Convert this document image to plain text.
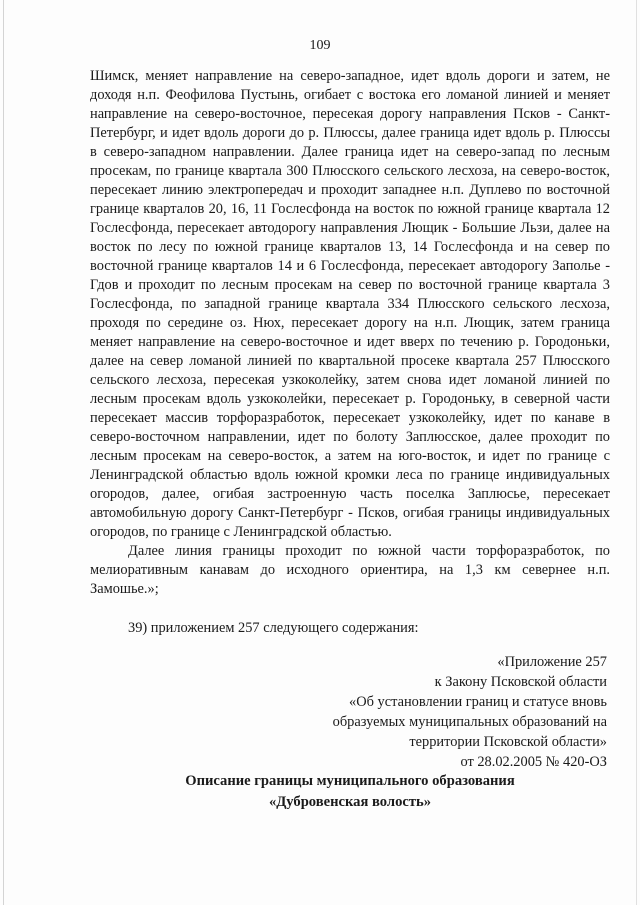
109

Шимск, меняет направление на северо-западное, идет вдоль дороги и затем, не доходя н.п. Феофилова Пустынь, огибает с востока его ломаной линией и меняет направление на северо-восточное, пересекая дорогу направления Псков - Санкт-Петербург, и идет вдоль дороги до р. Плюссы, далее граница идет вдоль р. Плюссы в северо-западном направлении. Далее граница идет на северо-запад по лесным просекам, по границе квартала 300 Плюсского сельского лесхоза, на северо-восток, пересекает линию электропередач и проходит западнее н.п. Дуплево по восточной границе кварталов 20, 16, 11 Гослесфонда на восток по южной границе квартала 12 Гослесфонда, пересекает автодорогу направления Лющик - Большие Льзи, далее на восток по лесу по южной границе кварталов 13, 14 Гослесфонда и на север по восточной границе кварталов 14 и 6 Гослесфонда, пересекает автодорогу Заполье - Гдов и проходит по лесным просекам на север по восточной границе квартала 3 Гослесфонда, по западной границе квартала 334 Плюсского сельского лесхоза, проходя по середине оз. Нюх, пересекает дорогу на н.п. Лющик, затем граница меняет направление на северо-восточное и идет вверх по течению р. Городоньки, далее на север ломаной линией по квартальной просеке квартала 257 Плюсского сельского лесхоза, пересекая узкоколейку, затем снова идет ломаной линией по лесным просекам вдоль узкоколейки, пересекает р. Городоньку, в северной части пересекает массив торфоразработок, пересекает узкоколейку, идет по канаве в северо-восточном направлении, идет по болоту Заплюсское, далее проходит по лесным просекам на северо-восток, а затем на юго-восток, и идет по границе с Ленинградской областью вдоль южной кромки леса по границе индивидуальных огородов, далее, огибая застроенную часть поселка Заплюсье, пересекает автомобильную дорогу Санкт-Петербург - Псков, огибая границы индивидуальных огородов, по границе с Ленинградской областью.

Далее линия границы проходит по южной части торфоразработок, по мелиоративным канавам до исходного ориентира, на 1,3 км севернее н.п. Замошье.»;

39) приложением 257 следующего содержания:
«Приложение 257
к Закону Псковской области
«Об установлении границ и статусе вновь
образуемых муниципальных образований на
территории Псковской области»
от 28.02.2005 № 420-ОЗ
Описание границы муниципального образования
«Дубровенская волость»
